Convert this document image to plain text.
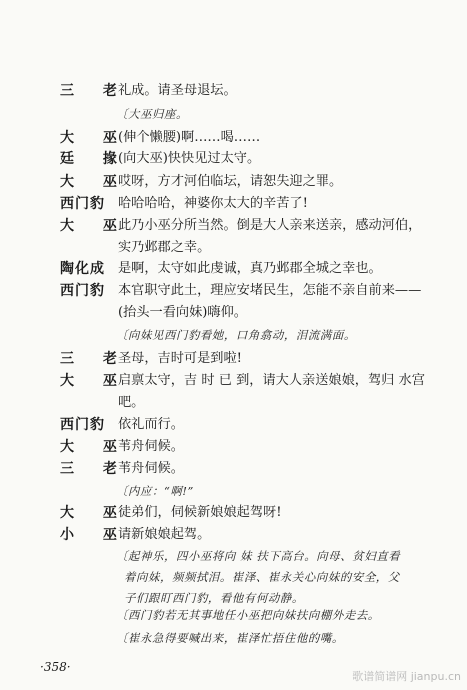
三 老
礼成。请圣母退坛。
〔大巫归座。
大 巫
(伸个懒腰)啊……喝……
廷 掾
(向大巫)快快见过太守。
大 巫
哎呀，方才河伯临坛，请恕失迎之罪。
西门豹 哈哈哈哈，神婆你太大的辛苦了!
大 巫
此乃小巫分所当然。倒是大人亲来送亲，感动河伯，
实乃邺郡之幸。
陶化成 是啊，太守如此虔诚，真乃邺郡全城之幸也。
西门豹 本官职守此土，理应安堵民生，怎能不亲自前来——
(抬头一看向妹)嗨仰。
〔向妹见西门豹看她，口角翕动，泪流满面。
三 老
圣母，吉时可是到啦!
大 巫
启禀太守，吉 时 已 到，请大人亲送娘娘，驾归 水宫
吧。
西门豹 依礼而行。
大 巫
苇舟伺候。
三 老
苇舟伺候。
〔内应：“啊!”
大 巫
徒弟们，伺候新娘娘起驾呀!
小 巫
请新娘娘起驾。
〔起神乐，四小巫将向 妹 扶下高台。向母、贫妇直看
着向妹，频频拭泪。崔泽、崔永关心向妹的安全，父
子们跟盯西门豹，看他有何动静。
〔西门豹若无其事地任小巫把向妹扶向棚外走去。
〔崔永急得要喊出来，崔泽忙捂住他的嘴。
·358·
歌谱简谱网 jianpu.cn
